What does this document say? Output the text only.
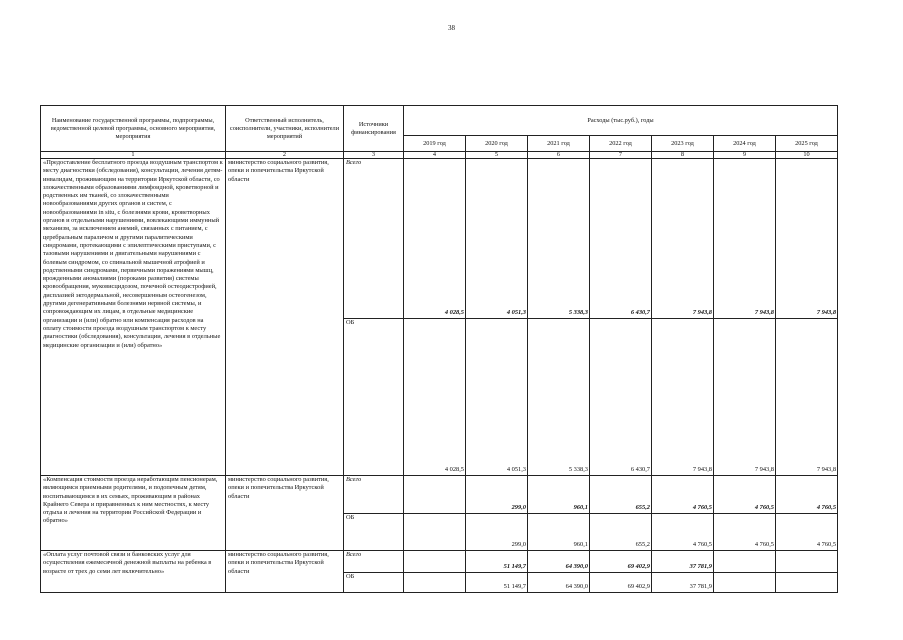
38
Наименование государственной программы, подпрограммы, ведомственной целевой программы, основного мероприятия, мероприятия	Ответственный исполнитель, соисполнители, участники, исполнители мероприятий	Источники финансирования	Расходы (тыс.руб.), годы						
			2019 год	2020 год	2021 год	2022 год	2023 год	2024 год	2025 год
1	2	3	4	5	6	7	8	9	10
«Предоставление бесплатного проезда воздушным транспортом к месту диагностики (обследования), консультации, лечения детям-инвалидам, проживающим на территории Иркутской области, со злокачественными образованиями лимфоидной, кроветворной и родственных им тканей, со злокачественными новообразованиями других органов и систем, с новообразованиями in situ, с болезнями крови, кроветворных органов и отдельными нарушениями, вовлекающими иммунный механизм, за исключением анемий, связанных с питанием, с церебральным параличом и другими паралитическими синдромами, протекающими с эпилептическими приступами, с тазовыми нарушениями и двигательными нарушениями с болевым синдромом, со спинальной мышечной атрофией и родственными синдромами, первичными поражениями мышц, врожденными аномалиями (пороками развития) системы кровообращения, муковисцидозом, почечной остеодистрофией, дисплазией эктодермальной, несовершенным остеогенезом, другими дегенеративными болезнями нервной системы, и сопровождающим их лицам, в отдельные медицинские организации и (или) обратно или компенсация расходов на оплату стоимости проезда воздушным транспортом к месту диагностики (обследования), консультации, лечения в отдельные медицинские организации и (или) обратно»	министерство социального развития, опеки и попечительства Иркутской области	Всего	4 028,5	4 051,3	5 338,3	6 430,7	7 943,8	7 943,8	7 943,8
		ОБ	4 028,5	4 051,3	5 338,3	6 430,7	7 943,8	7 943,8	7 943,8
«Компенсация стоимости проезда неработающим пенсионерам, являющимся приемными родителями, и подопечным детям, воспитывающимся в их семьях, проживающим в районах Крайнего Севера и приравненных к ним местностях, к месту отдыха и лечения на территории Российской Федерации и обратно»	министерство социального развития, опеки и попечительства Иркутской области	Всего		299,0	960,1	655,2	4 760,5	4 760,5	4 760,5
		ОБ		299,0	960,1	655,2	4 760,5	4 760,5	4 760,5
«Оплата услуг почтовой связи и банковских услуг для осуществления ежемесячной денежной выплаты на ребенка в возрасте от трех до семи лет включительно»	министерство социального развития, опеки и попечительства Иркутской области	Всего		51 149,7	64 390,0	69 402,9	37 781,9		
		ОБ		51 149,7	64 390,0	69 402,9	37 781,9		
